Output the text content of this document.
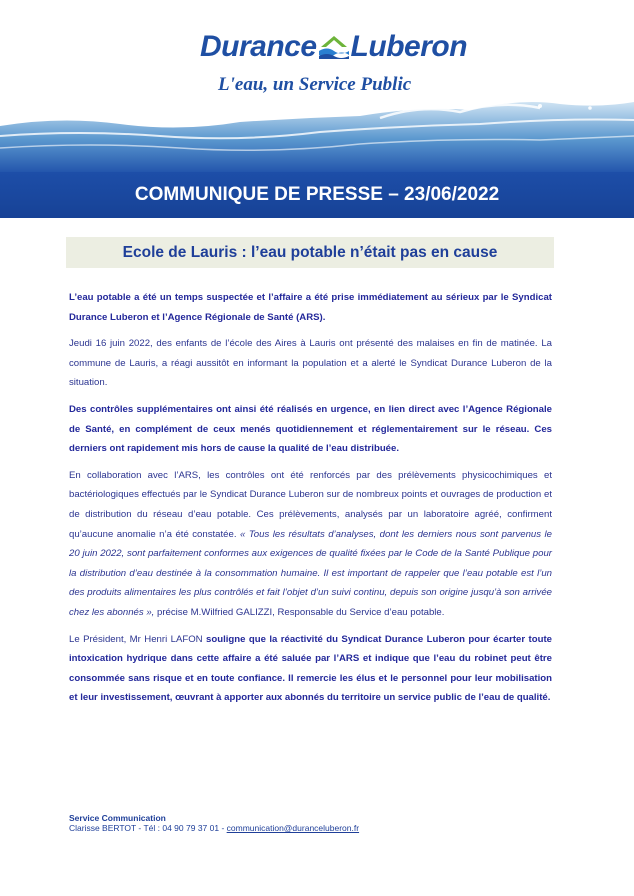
Durance Luberon
L'eau, un Service Public
COMMUNIQUE DE PRESSE – 23/06/2022
Ecole de Lauris : l’eau potable n’était pas en cause

L’eau potable a été un temps suspectée et l’affaire a été prise immédiatement au sérieux par le Syndicat Durance Luberon et l’Agence Régionale de Santé (ARS).

Jeudi 16 juin 2022, des enfants de l’école des Aires à Lauris ont présenté des malaises en fin de matinée. La commune de Lauris, a réagi aussitôt en informant la population et a alerté le Syndicat Durance Luberon de la situation.

Des contrôles supplémentaires ont ainsi été réalisés en urgence, en lien direct avec l’Agence Régionale de Santé, en complément de ceux menés quotidiennement et réglementairement sur le réseau. Ces derniers ont rapidement mis hors de cause la qualité de l’eau distribuée.

En collaboration avec l’ARS, les contrôles ont été renforcés par des prélèvements physicochimiques et bactériologiques effectués par le Syndicat Durance Luberon sur de nombreux points et ouvrages de production et de distribution du réseau d’eau potable. Ces prélèvements, analysés par un laboratoire agréé, confirment qu’aucune anomalie n’a été constatée. « Tous les résultats d’analyses, dont les derniers nous sont parvenus le 20 juin 2022, sont parfaitement conformes aux exigences de qualité fixées par le Code de la Santé Publique pour la distribution d’eau destinée à la consommation humaine. Il est important de rappeler que l’eau potable est l’un des produits alimentaires les plus contrôlés et fait l’objet d’un suivi continu, depuis son origine jusqu’à son arrivée chez les abonnés », précise M.Wilfried GALIZZI, Responsable du Service d’eau potable.

Le Président, Mr Henri LAFON souligne que la réactivité du Syndicat Durance Luberon pour écarter toute intoxication hydrique dans cette affaire a été saluée par l’ARS et indique que l’eau du robinet peut être consommée sans risque et en toute confiance. Il remercie les élus et le personnel pour leur mobilisation et leur investissement, œuvrant à apporter aux abonnés du territoire un service public de l’eau de qualité.

Service Communication
Clarisse BERTOT - Tél : 04 90 79 37 01 - communication@duranceluberon.fr
